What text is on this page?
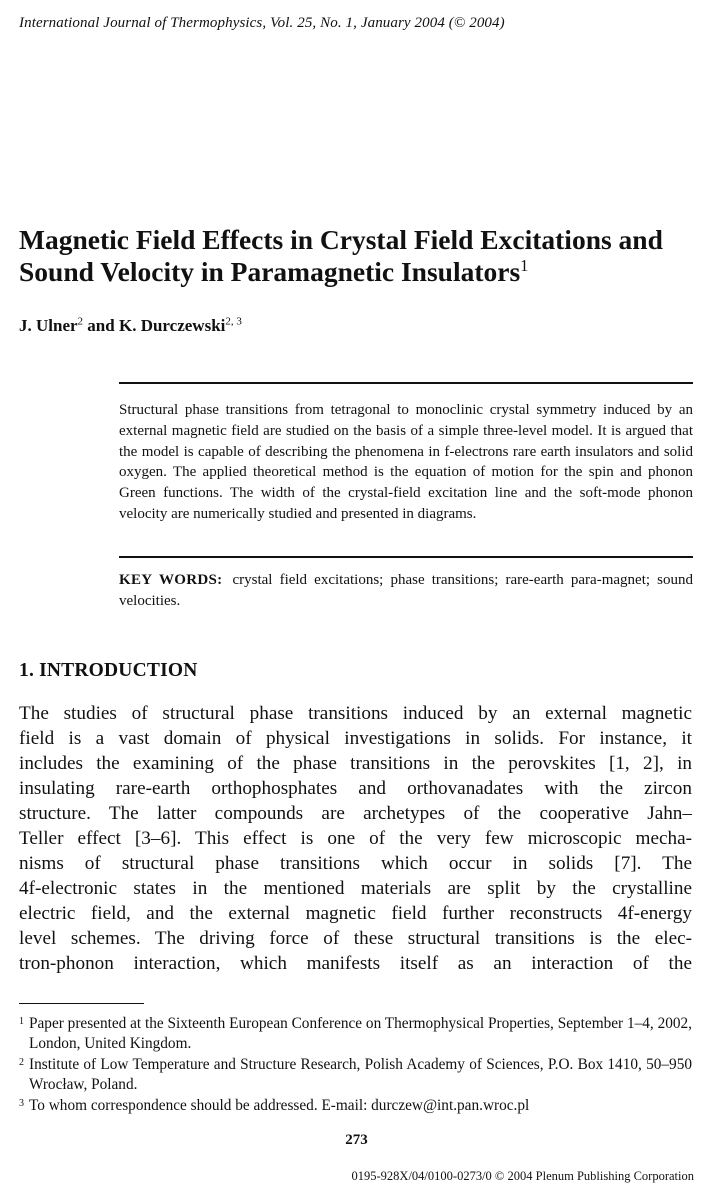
International Journal of Thermophysics, Vol. 25, No. 1, January 2004 (© 2004)
Magnetic Field Effects in Crystal Field Excitations and
Sound Velocity in Paramagnetic Insulators$^1$
J. Ulner$^2$ and K. Durczewski$^{2, 3}$
Structural phase transitions from tetragonal to monoclinic crystal symmetry induced by an external magnetic field are studied on the basis of a simple three-level model. It is argued that the model is capable of describing the phenomena in f-electrons rare earth insulators and solid oxygen. The applied theoretical method is the equation of motion for the spin and phonon Green functions. The width of the crystal-field excitation line and the soft-mode phonon velocity are numerically studied and presented in diagrams.
KEY WORDS: crystal field excitations; phase transitions; rare-earth para-magnet; sound velocities.
1. INTRODUCTION
The studies of structural phase transitions induced by an external magnetic
field is a vast domain of physical investigations in solids. For instance, it
includes the examining of the phase transitions in the perovskites [1, 2], in
insulating rare-earth orthophosphates and orthovanadates with the zircon
structure. The latter compounds are archetypes of the cooperative Jahn–
Teller effect [3–6]. This effect is one of the very few microscopic mecha-
nisms of structural phase transitions which occur in solids [7]. The
4f-electronic states in the mentioned materials are split by the crystalline
electric field, and the external magnetic field further reconstructs 4f-energy
level schemes. The driving force of these structural transitions is the elec-
tron-phonon interaction, which manifests itself as an interaction of the
1 Paper presented at the Sixteenth European Conference on Thermophysical Properties, September 1–4, 2002, London, United Kingdom.
2 Institute of Low Temperature and Structure Research, Polish Academy of Sciences, P.O. Box 1410, 50–950 Wrocław, Poland.
3 To whom correspondence should be addressed. E-mail: durczew@int.pan.wroc.pl
273
0195-928X/04/0100-0273/0 © 2004 Plenum Publishing Corporation
